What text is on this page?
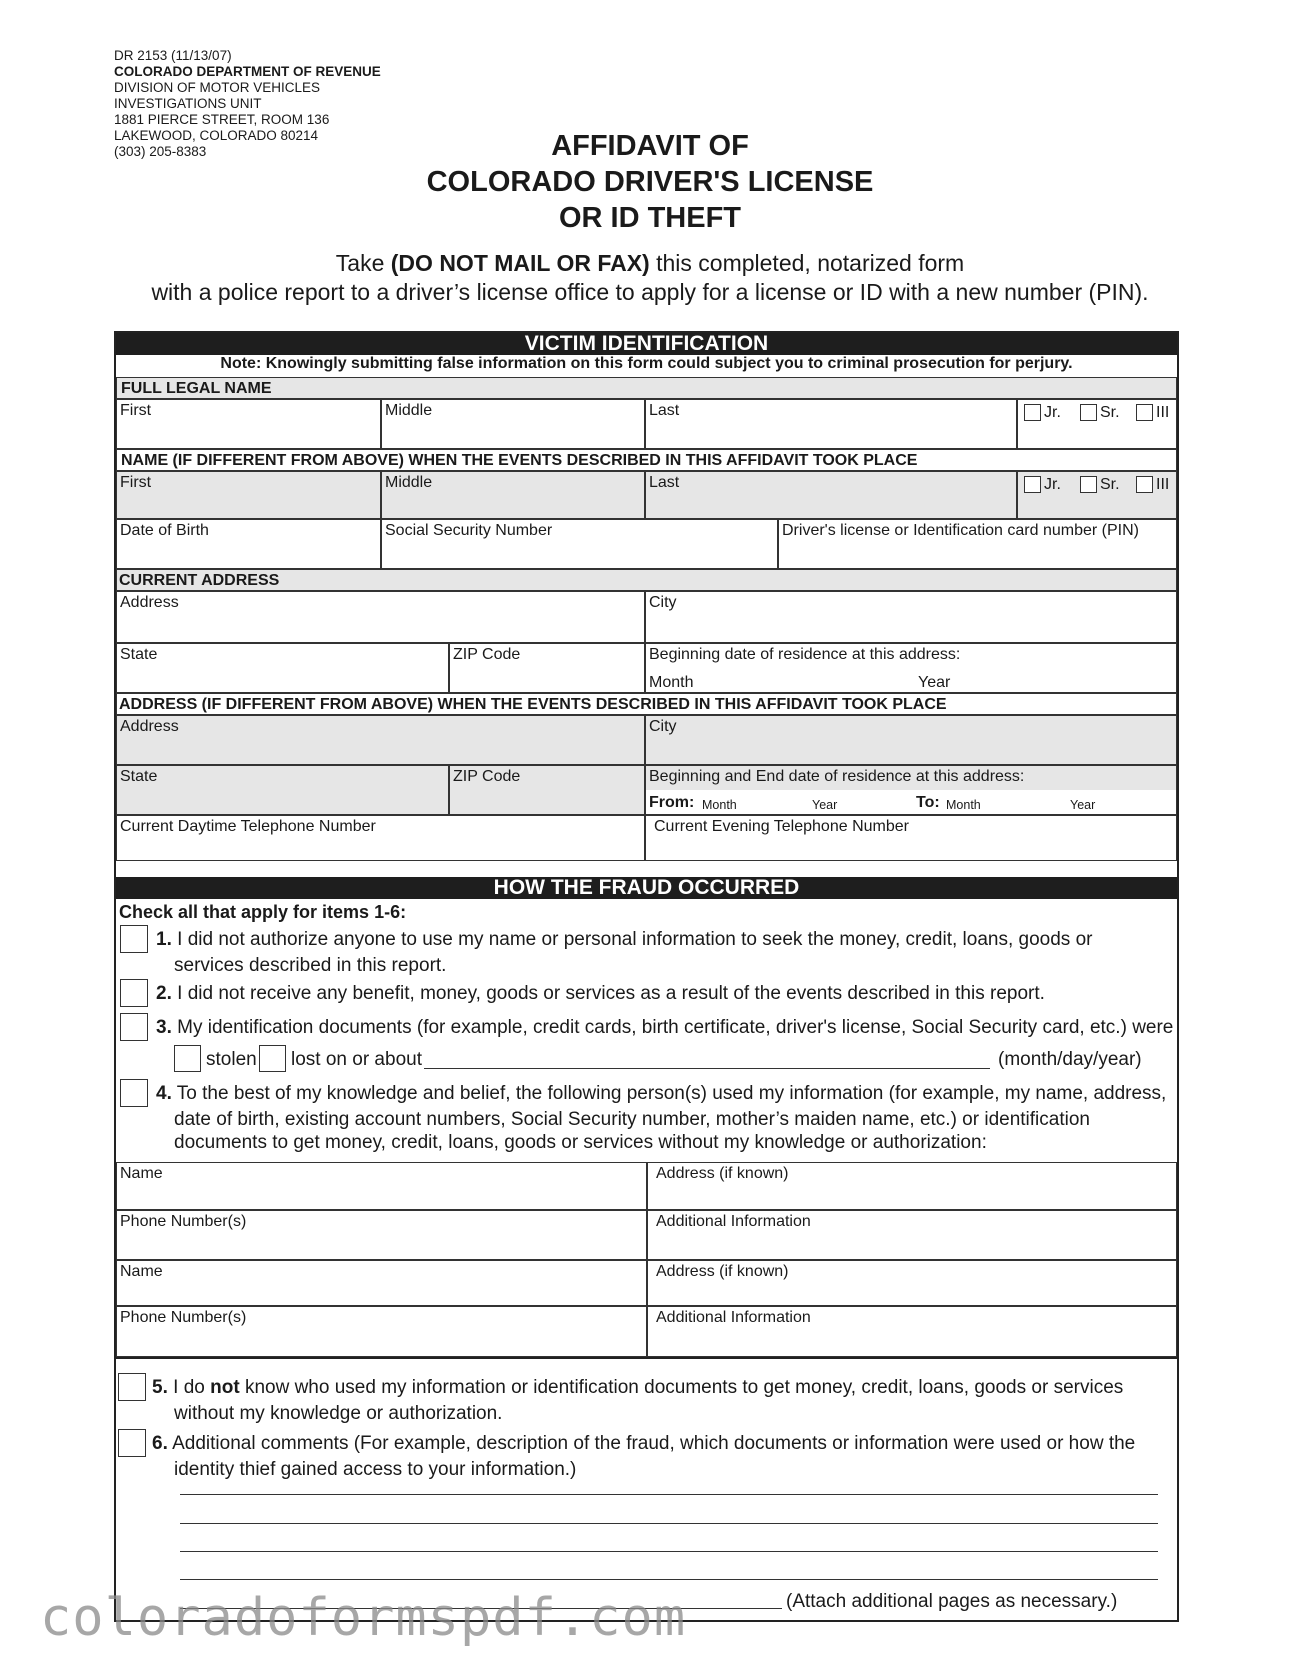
DR 2153 (11/13/07)
COLORADO DEPARTMENT OF REVENUE
DIVISION OF MOTOR VEHICLES
INVESTIGATIONS UNIT
1881 PIERCE STREET, ROOM 136
LAKEWOOD, COLORADO 80214
(303) 205-8383	AFFIDAVIT OF
COLORADO DRIVER'S LICENSE
OR ID THEFT
Take (DO NOT MAIL OR FAX) this completed, notarized form
with a police report to a driver’s license office to apply for a license or ID with a new number (PIN).
VICTIM IDENTIFICATION
Note: Knowingly submitting false information on this form could subject you to criminal prosecution for perjury.
FULL LEGAL NAME
First	Middle	Last	Jr.	Sr.	III
NAME (IF DIFFERENT FROM ABOVE) WHEN THE EVENTS DESCRIBED IN THIS AFFIDAVIT TOOK PLACE
First	Middle	Last	Jr.	Sr.	III
Date of Birth	Social Security Number	Driver's license or Identification card number (PIN)
CURRENT ADDRESS
Address	City
State	ZIP Code	Beginning date of residence at this address:
Month	Year
ADDRESS (IF DIFFERENT FROM ABOVE) WHEN THE EVENTS DESCRIBED IN THIS AFFIDAVIT TOOK PLACE
Address	City
State	ZIP Code	Beginning and End date of residence at this address:
From: Month	Year	To: Month	Year
Current Daytime Telephone Number	Current Evening Telephone Number
HOW THE FRAUD OCCURRED
Check all that apply for items 1-6:
1. I did not authorize anyone to use my name or personal information to seek the money, credit, loans, goods or
services described in this report.
2. I did not receive any benefit, money, goods or services as a result of the events described in this report.
3. My identification documents (for example, credit cards, birth certificate, driver's license, Social Security card, etc.) were
stolen lost on or about	(month/day/year)
4. To the best of my knowledge and belief, the following person(s) used my information (for example, my name, address,
date of birth, existing account numbers, Social Security number, mother’s maiden name, etc.) or identification
documents to get money, credit, loans, goods or services without my knowledge or authorization:
Name	Address (if known)
Phone Number(s)	Additional Information
Name	Address (if known)
Phone Number(s)	Additional Information
5. I do not know who used my information or identification documents to get money, credit, loans, goods or services
without my knowledge or authorization.
6. Additional comments (For example, description of the fraud, which documents or information were used or how the
identity thief gained access to your information.)
(Attach additional pages as necessary.)
coloradoformspdf.com
